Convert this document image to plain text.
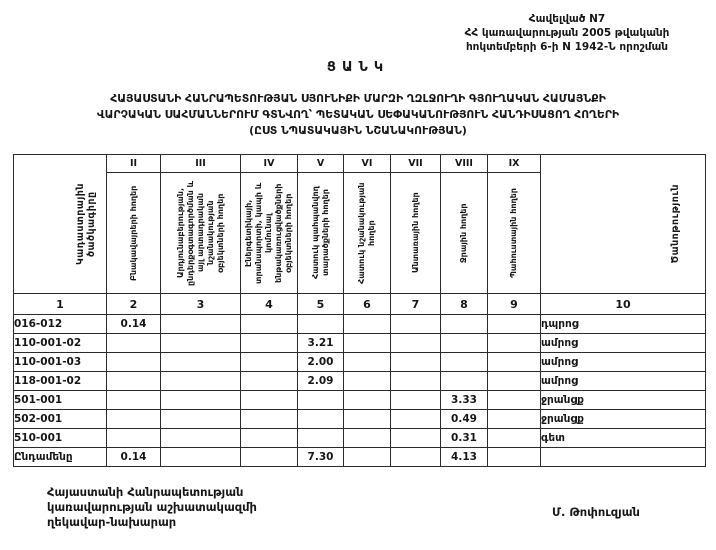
Հավելված N7
ՀՀ կառավարության 2005 թվականի
հոկտեմբերի 6-ի N 1942-Ն որոշման
ՑԱՆԿ
ՀԱՅԱՍՏԱՆԻ ՀԱՆՐԱՊԵՏՈՒԹՅԱՆ ՍՅՈՒՆԻՔԻ ՄԱՐԶԻ ՂԶԼՋՈՒՂԻ ԳՅՈՒՂԱԿԱՆ ՀԱՄԱՅՆՔԻ
ՎԱՐՉԱԿԱՆ ՍԱՀՄԱՆՆԵՐՈՒՄ ԳՏՆՎՈՂ՝ ՊԵՏԱԿԱՆ ՍԵՓԱԿԱՆՈՒԹՅՈՒՆ ՀԱՆԴԻՍԱՑՈՂ ՀՈՂԵՐԻ
(ԸՍՏ ՆՊԱՏԱԿԱՅԻՆ ՆՇԱՆԱԿՈՒԹՅԱՆ)
Կադաստրային ծածկագիրը	II	III	IV	V	VI	VII	VIII	IX	Ծանոթություն

	Բնակավայրերի հողեր	Արդյունաբերության, ընդերքօգտագործման և այլ արտադրական նշանակության օբյեկտների հողեր	Էներգետիկայի, տրանսպորտի, կապի և կոմունալ ենթակառուցվածքների օբյեկտների հողեր	Հատուկ պահպանվող տարածքների հողեր	Հատուկ նշանակության հողեր	Անտառային հողեր	Ջրային հողեր	Պահուստային հողեր	

1	2	3	4	5	6	7	8	9	10
016-012	0.14								դպրոց
110-001-02				3.21					ամրոց
110-001-03				2.00					ամրոց
118-001-02				2.09					ամրոց
501-001							3.33		ջրանցք
502-001							0.49		ջրանցք
510-001							0.31		գետ
Ընդամենը	0.14			7.30			4.13		
Հայաստանի Հանրապետության
կառավարության աշխատակազմի
ղեկավար-նախարար
Մ. Թոփուզյան
